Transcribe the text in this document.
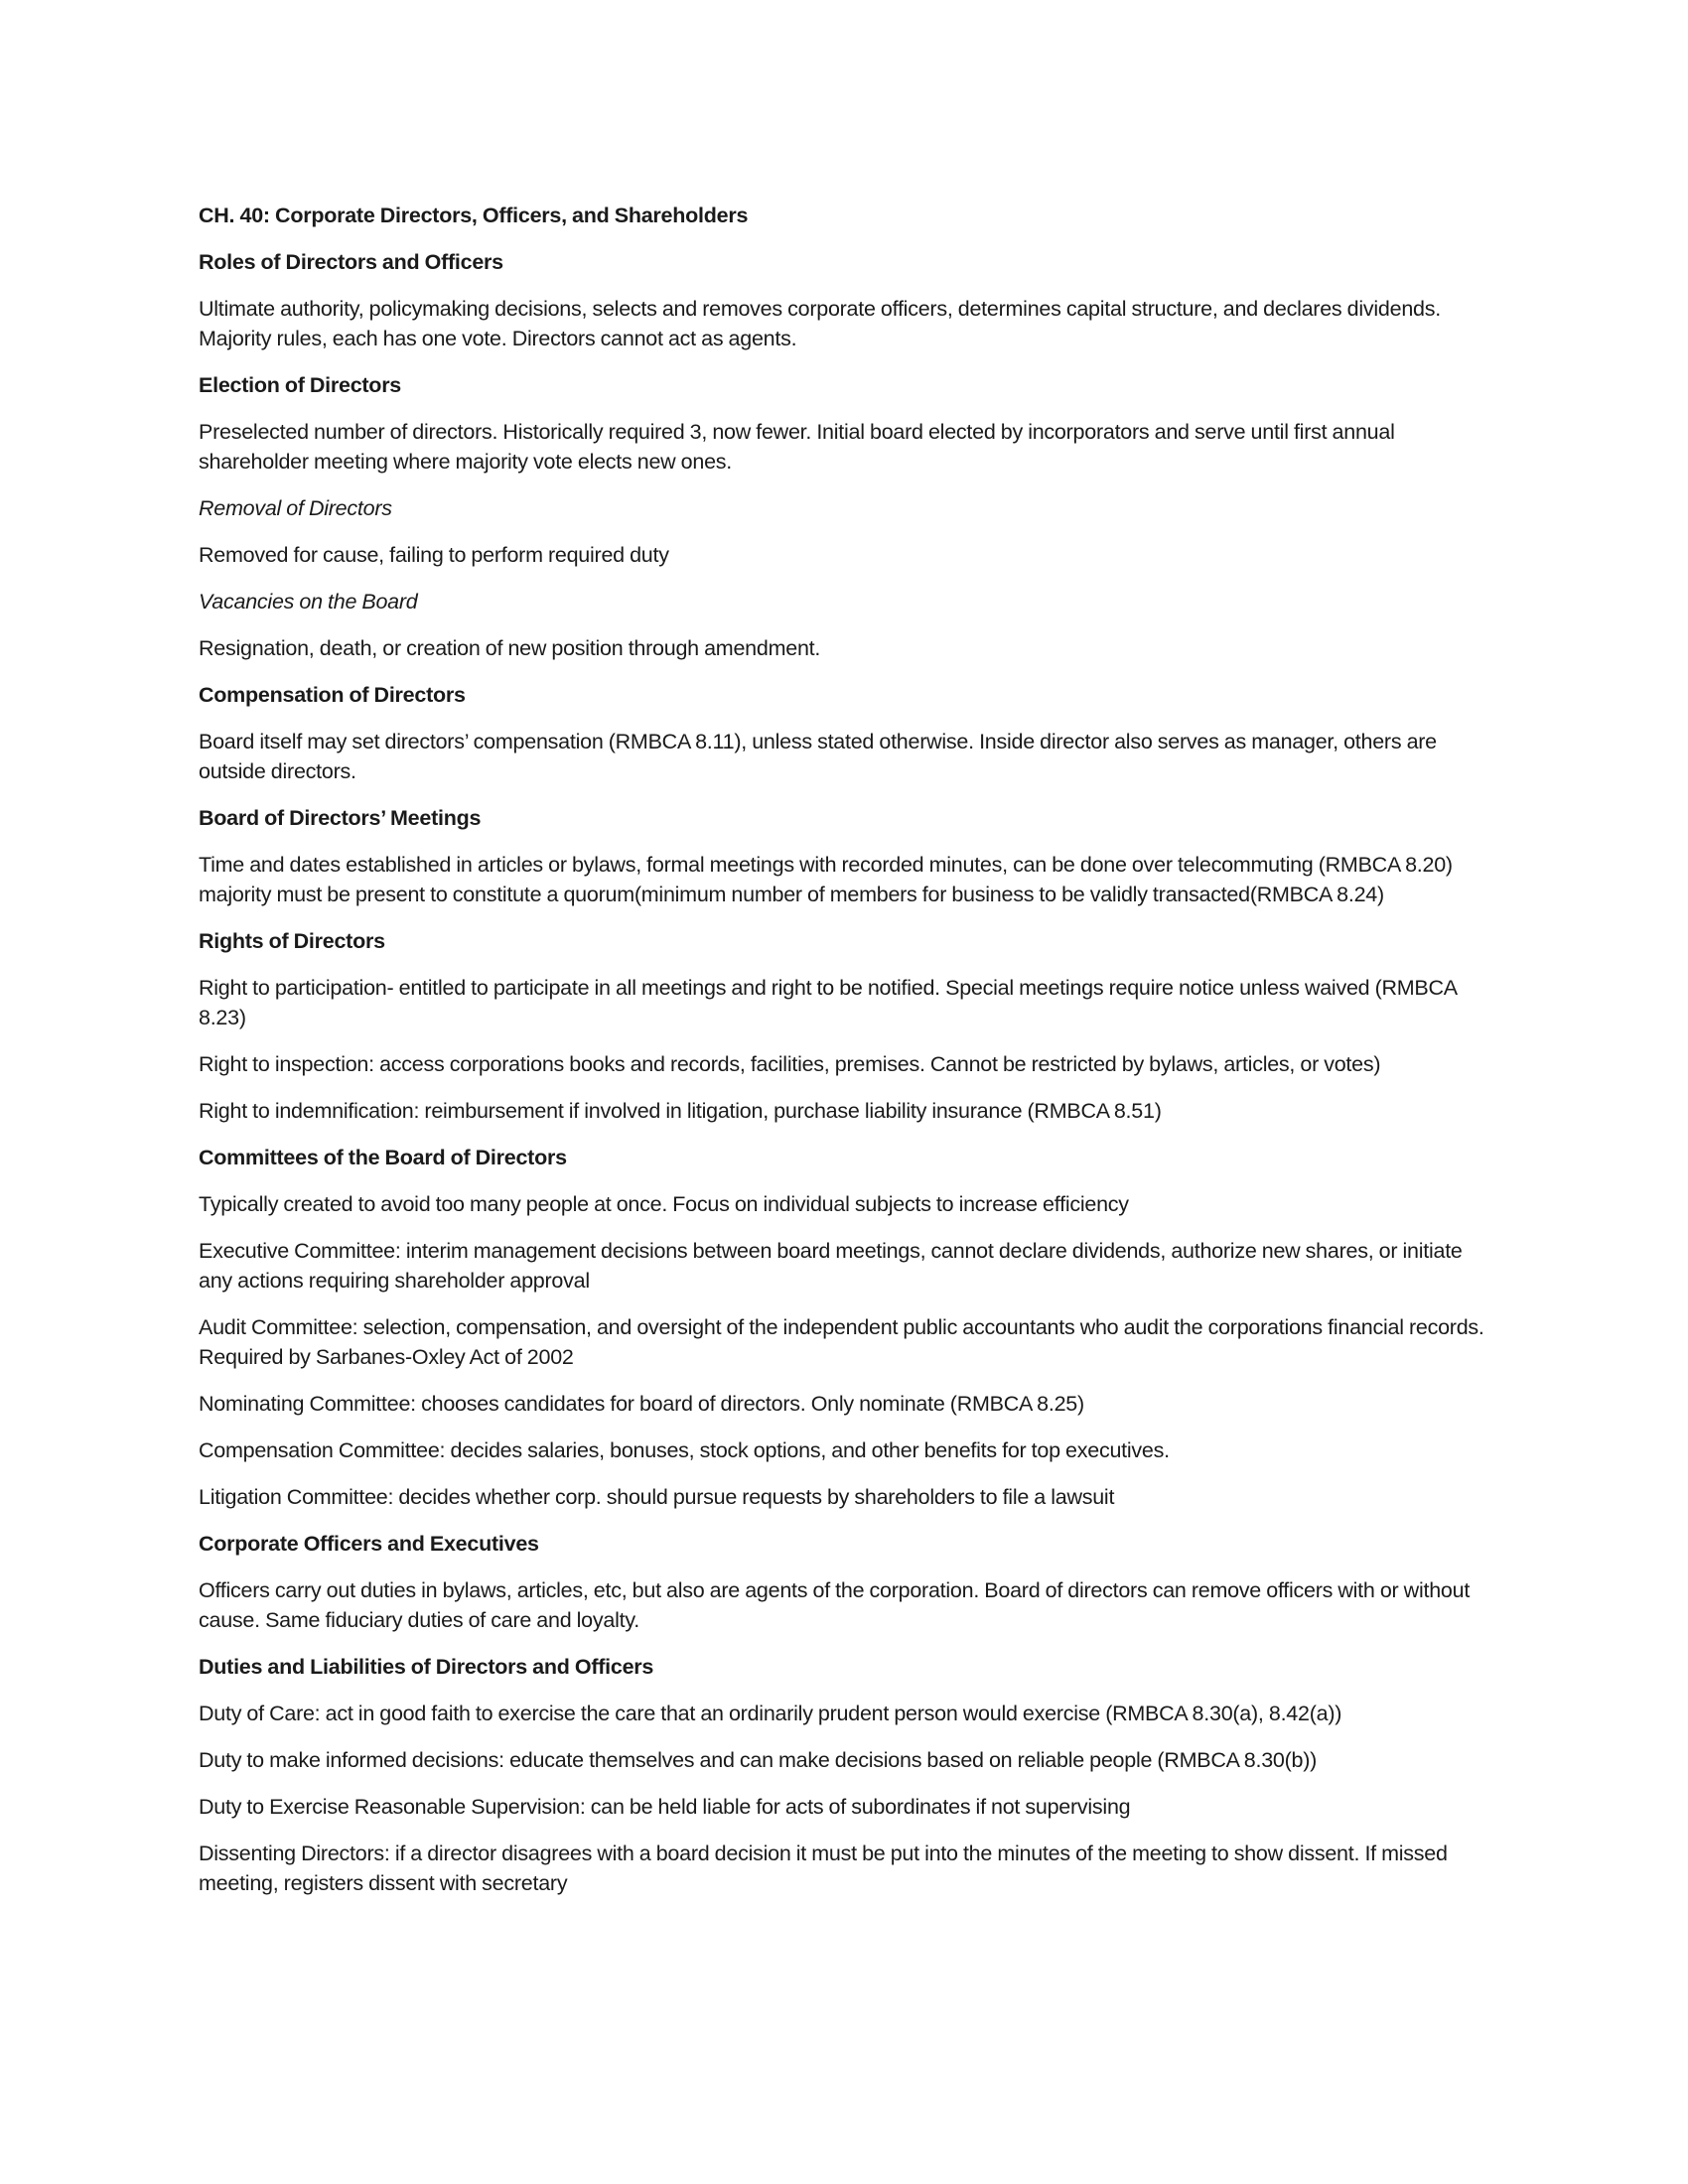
CH. 40: Corporate Directors, Officers, and Shareholders
Roles of Directors and Officers
Ultimate authority, policymaking decisions, selects and removes corporate officers, determines capital structure, and declares dividends. Majority rules, each has one vote. Directors cannot act as agents.
Election of Directors
Preselected number of directors. Historically required 3, now fewer. Initial board elected by incorporators and serve until first annual shareholder meeting where majority vote elects new ones.
Removal of Directors
Removed for cause, failing to perform required duty
Vacancies on the Board
Resignation, death, or creation of new position through amendment.
Compensation of Directors
Board itself may set directors’ compensation (RMBCA 8.11), unless stated otherwise. Inside director also serves as manager, others are outside directors.
Board of Directors’ Meetings
Time and dates established in articles or bylaws, formal meetings with recorded minutes, can be done over telecommuting (RMBCA 8.20) majority must be present to constitute a quorum(minimum number of members for business to be validly transacted(RMBCA 8.24)
Rights of Directors
Right to participation- entitled to participate in all meetings and right to be notified. Special meetings require notice unless waived (RMBCA 8.23)
Right to inspection: access corporations books and records, facilities, premises. Cannot be restricted by bylaws, articles, or votes)
Right to indemnification: reimbursement if involved in litigation, purchase liability insurance (RMBCA 8.51)
Committees of the Board of Directors
Typically created to avoid too many people at once. Focus on individual subjects to increase efficiency
Executive Committee: interim management decisions between board meetings, cannot declare dividends, authorize new shares, or initiate any actions requiring shareholder approval
Audit Committee: selection, compensation, and oversight of the independent public accountants who audit the corporations financial records. Required by Sarbanes-Oxley Act of 2002
Nominating Committee: chooses candidates for board of directors. Only nominate (RMBCA 8.25)
Compensation Committee: decides salaries, bonuses, stock options, and other benefits for top executives.
Litigation Committee: decides whether corp. should pursue requests by shareholders to file a lawsuit
Corporate Officers and Executives
Officers carry out duties in bylaws, articles, etc, but also are agents of the corporation. Board of directors can remove officers with or without cause. Same fiduciary duties of care and loyalty.
Duties and Liabilities of Directors and Officers
Duty of Care: act in good faith to exercise the care that an ordinarily prudent person would exercise (RMBCA 8.30(a), 8.42(a))
Duty to make informed decisions: educate themselves and can make decisions based on reliable people (RMBCA 8.30(b))
Duty to Exercise Reasonable Supervision: can be held liable for acts of subordinates if not supervising
Dissenting Directors: if a director disagrees with a board decision it must be put into the minutes of the meeting to show dissent. If missed meeting, registers dissent with secretary
